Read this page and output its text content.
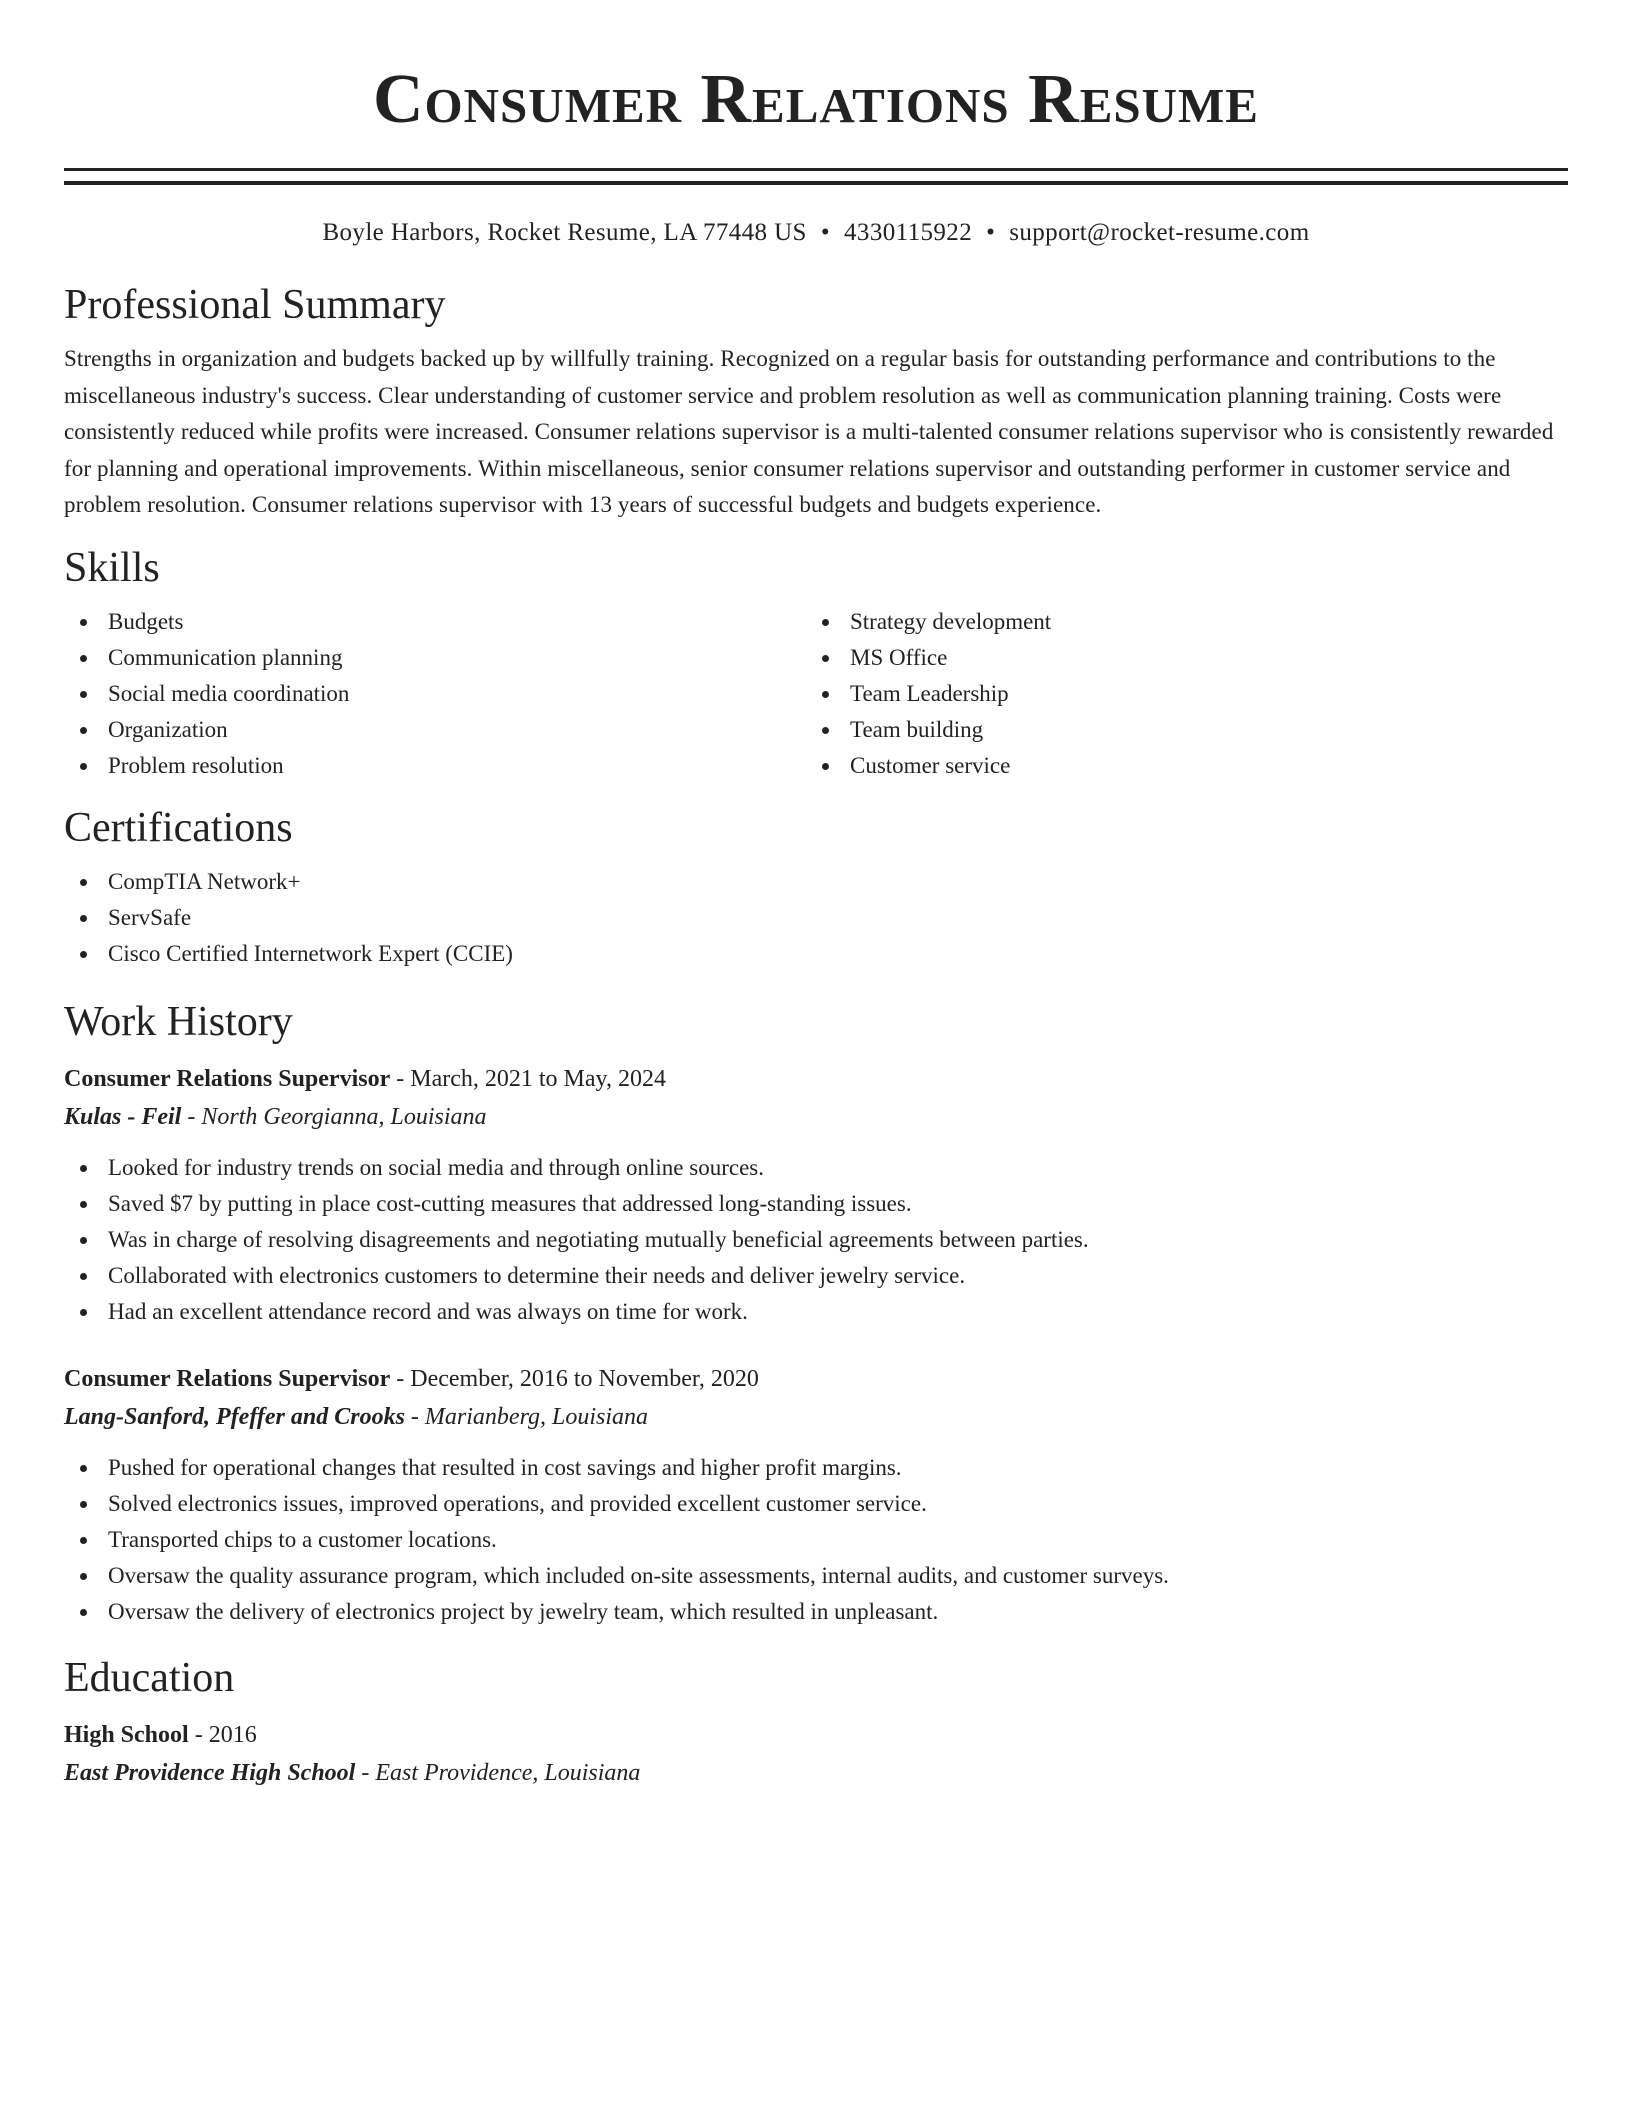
Consumer Relations Resume
Boyle Harbors, Rocket Resume, LA 77448 US • 4330115922 • support@rocket-resume.com
Professional Summary

Strengths in organization and budgets backed up by willfully training. Recognized on a regular basis for outstanding performance and contributions to the miscellaneous industry's success. Clear understanding of customer service and problem resolution as well as communication planning training. Costs were consistently reduced while profits were increased. Consumer relations supervisor is a multi-talented consumer relations supervisor who is consistently rewarded for planning and operational improvements. Within miscellaneous, senior consumer relations supervisor and outstanding performer in customer service and problem resolution. Consumer relations supervisor with 13 years of successful budgets and budgets experience.

Skills
Budgets
Communication planning
Social media coordination
Organization
Problem resolution
Strategy development
MS Office
Team Leadership
Team building
Customer service
Certifications
CompTIA Network+
ServSafe
Cisco Certified Internetwork Expert (CCIE)
Work History
Consumer Relations Supervisor - March, 2021 to May, 2024
Kulas - Feil - North Georgianna, Louisiana
Looked for industry trends on social media and through online sources.
Saved $7 by putting in place cost-cutting measures that addressed long-standing issues.
Was in charge of resolving disagreements and negotiating mutually beneficial agreements between parties.
Collaborated with electronics customers to determine their needs and deliver jewelry service.
Had an excellent attendance record and was always on time for work.
Consumer Relations Supervisor - December, 2016 to November, 2020
Lang-Sanford, Pfeffer and Crooks - Marianberg, Louisiana
Pushed for operational changes that resulted in cost savings and higher profit margins.
Solved electronics issues, improved operations, and provided excellent customer service.
Transported chips to a customer locations.
Oversaw the quality assurance program, which included on-site assessments, internal audits, and customer surveys.
Oversaw the delivery of electronics project by jewelry team, which resulted in unpleasant.
Education
High School - 2016
East Providence High School - East Providence, Louisiana
